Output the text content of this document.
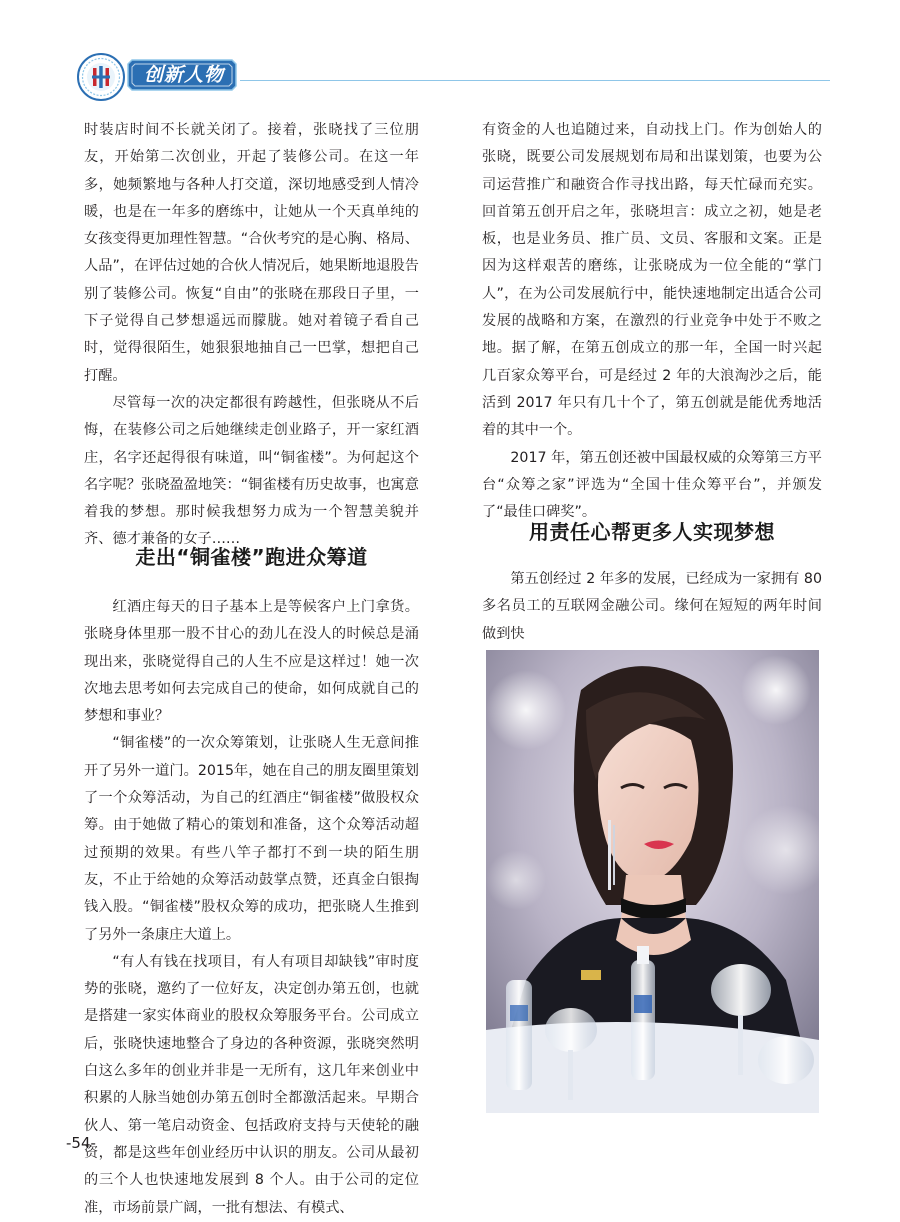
创新人物

时装店时间不长就关闭了。接着，张晓找了三位朋友，开始第二次创业，开起了装修公司。在这一年多，她频繁地与各种人打交道，深切地感受到人情冷暖，也是在一年多的磨练中，让她从一个天真单纯的女孩变得更加理性智慧。“合伙考究的是心胸、格局、人品”，在评估过她的合伙人情况后，她果断地退股告别了装修公司。恢复“自由”的张晓在那段日子里，一下子觉得自己梦想遥远而朦胧。她对着镜子看自己时，觉得很陌生，她狠狠地抽自己一巴掌，想把自己打醒。

尽管每一次的决定都很有跨越性，但张晓从不后悔，在装修公司之后她继续走创业路子，开一家红酒庄，名字还起得很有味道，叫“铜雀楼”。为何起这个名字呢？张晓盈盈地笑：“铜雀楼有历史故事，也寓意着我的梦想。那时候我想努力成为一个智慧美貌并齐、德才兼备的女子……

走出“铜雀楼”跑进众筹道

红酒庄每天的日子基本上是等候客户上门拿货。张晓身体里那一股不甘心的劲儿在没人的时候总是涌现出来，张晓觉得自己的人生不应是这样过！她一次次地去思考如何去完成自己的使命，如何成就自己的梦想和事业？

“铜雀楼”的一次众筹策划，让张晓人生无意间推开了另外一道门。2015年，她在自己的朋友圈里策划了一个众筹活动，为自己的红酒庄“铜雀楼”做股权众筹。由于她做了精心的策划和准备，这个众筹活动超过预期的效果。有些八竿子都打不到一块的陌生朋友，不止于给她的众筹活动鼓掌点赞，还真金白银掏钱入股。“铜雀楼”股权众筹的成功，把张晓人生推到了另外一条康庄大道上。

“有人有钱在找项目，有人有项目却缺钱”审时度势的张晓，邀约了一位好友，决定创办第五创，也就是搭建一家实体商业的股权众筹服务平台。公司成立后，张晓快速地整合了身边的各种资源，张晓突然明白这么多年的创业并非是一无所有，这几年来创业中积累的人脉当她创办第五创时全都激活起来。早期合伙人、第一笔启动资金、包括政府支持与天使轮的融资，都是这些年创业经历中认识的朋友。公司从最初的三个人也快速地发展到 8 个人。由于公司的定位准，市场前景广阔，一批有想法、有模式、

有资金的人也追随过来，自动找上门。作为创始人的张晓，既要公司发展规划布局和出谋划策，也要为公司运营推广和融资合作寻找出路，每天忙碌而充实。回首第五创开启之年，张晓坦言：成立之初，她是老板，也是业务员、推广员、文员、客服和文案。正是因为这样艰苦的磨练，让张晓成为一位全能的“掌门人”，在为公司发展航行中，能快速地制定出适合公司发展的战略和方案，在激烈的行业竞争中处于不败之地。据了解，在第五创成立的那一年，全国一时兴起几百家众筹平台，可是经过 2 年的大浪淘沙之后，能活到 2017 年只有几十个了，第五创就是能优秀地活着的其中一个。

2017 年，第五创还被中国最权威的众筹第三方平台“众筹之家”评选为“全国十佳众筹平台”，并颁发了“最佳口碑奖”。

用责任心帮更多人实现梦想

第五创经过 2 年多的发展，已经成为一家拥有 80 多名员工的互联网金融公司。缘何在短短的两年时间做到快

-54-
